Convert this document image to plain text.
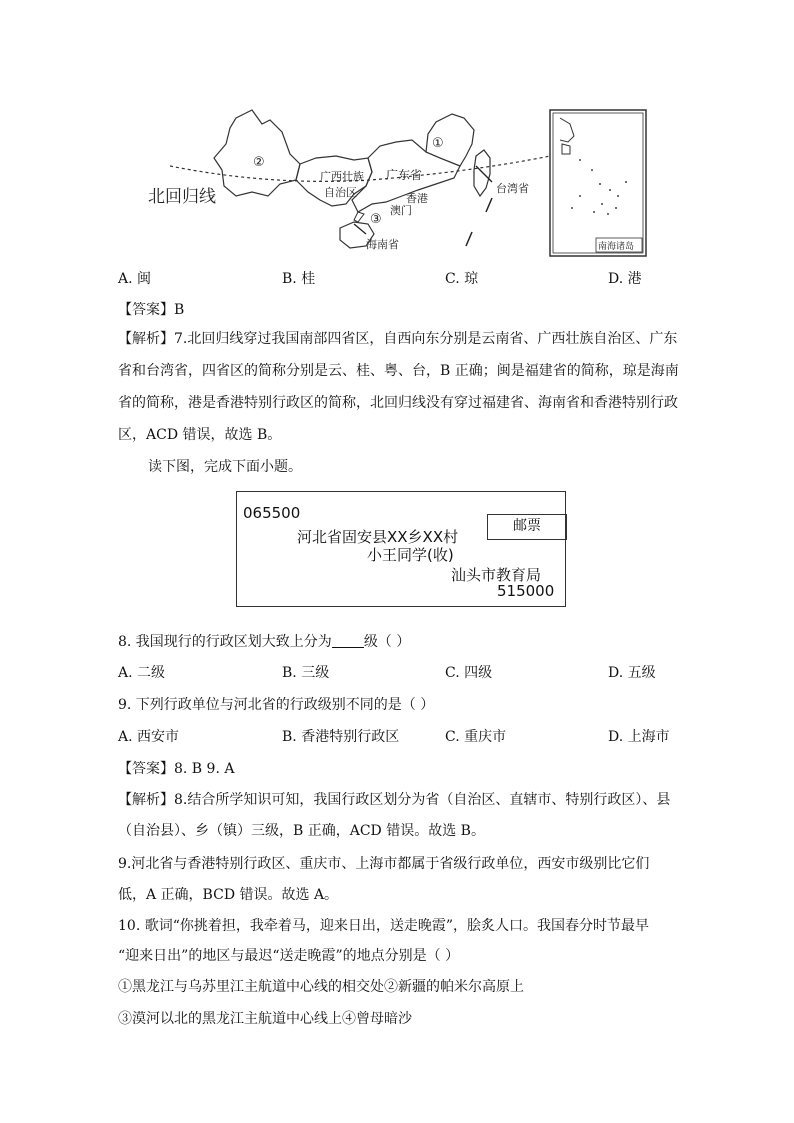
北回归线
②
①
③
广西壮族
自治区
广东省
香港
澳门
台湾省
海南省	南海诸岛
A. 闽	B. 桂	C. 琼	D. 港
【答案】B
【解析】7.北回归线穿过我国南部四省区，自西向东分别是云南省、广西壮族自治区、广东
省和台湾省，四省区的简称分别是云、桂、粤、台，B 正确；闽是福建省的简称，琼是海南
省的简称，港是香港特别行政区的简称，北回归线没有穿过福建省、海南省和香港特别行政
区，ACD 错误，故选 B。
读下图，完成下面小题。
065500
河北省固安县XX乡XX村
小王同学(收)
汕头市教育局
515000
邮票
8. 我国现行的行政区划大致上分为 级（ ）
A. 二级	B. 三级	C. 四级	D. 五级
9. 下列行政单位与河北省的行政级别不同的是（ ）
A. 西安市	B. 香港特别行政区	C. 重庆市	D. 上海市
【答案】8. B 9. A
【解析】8.结合所学知识可知，我国行政区划分为省（自治区、直辖市、特别行政区）、县
（自治县）、乡（镇）三级，B 正确，ACD 错误。故选 B。
9.河北省与香港特别行政区、重庆市、上海市都属于省级行政单位，西安市级别比它们
低，A 正确，BCD 错误。故选 A。
10. 歌词“你挑着担，我牵着马，迎来日出，送走晚霞”，脍炙人口。我国春分时节最早
“迎来日出”的地区与最迟“送走晚霞”的地点分别是（ ）
①黑龙江与乌苏里江主航道中心线的相交处②新疆的帕米尔高原上
③漠河以北的黑龙江主航道中心线上④曾母暗沙
